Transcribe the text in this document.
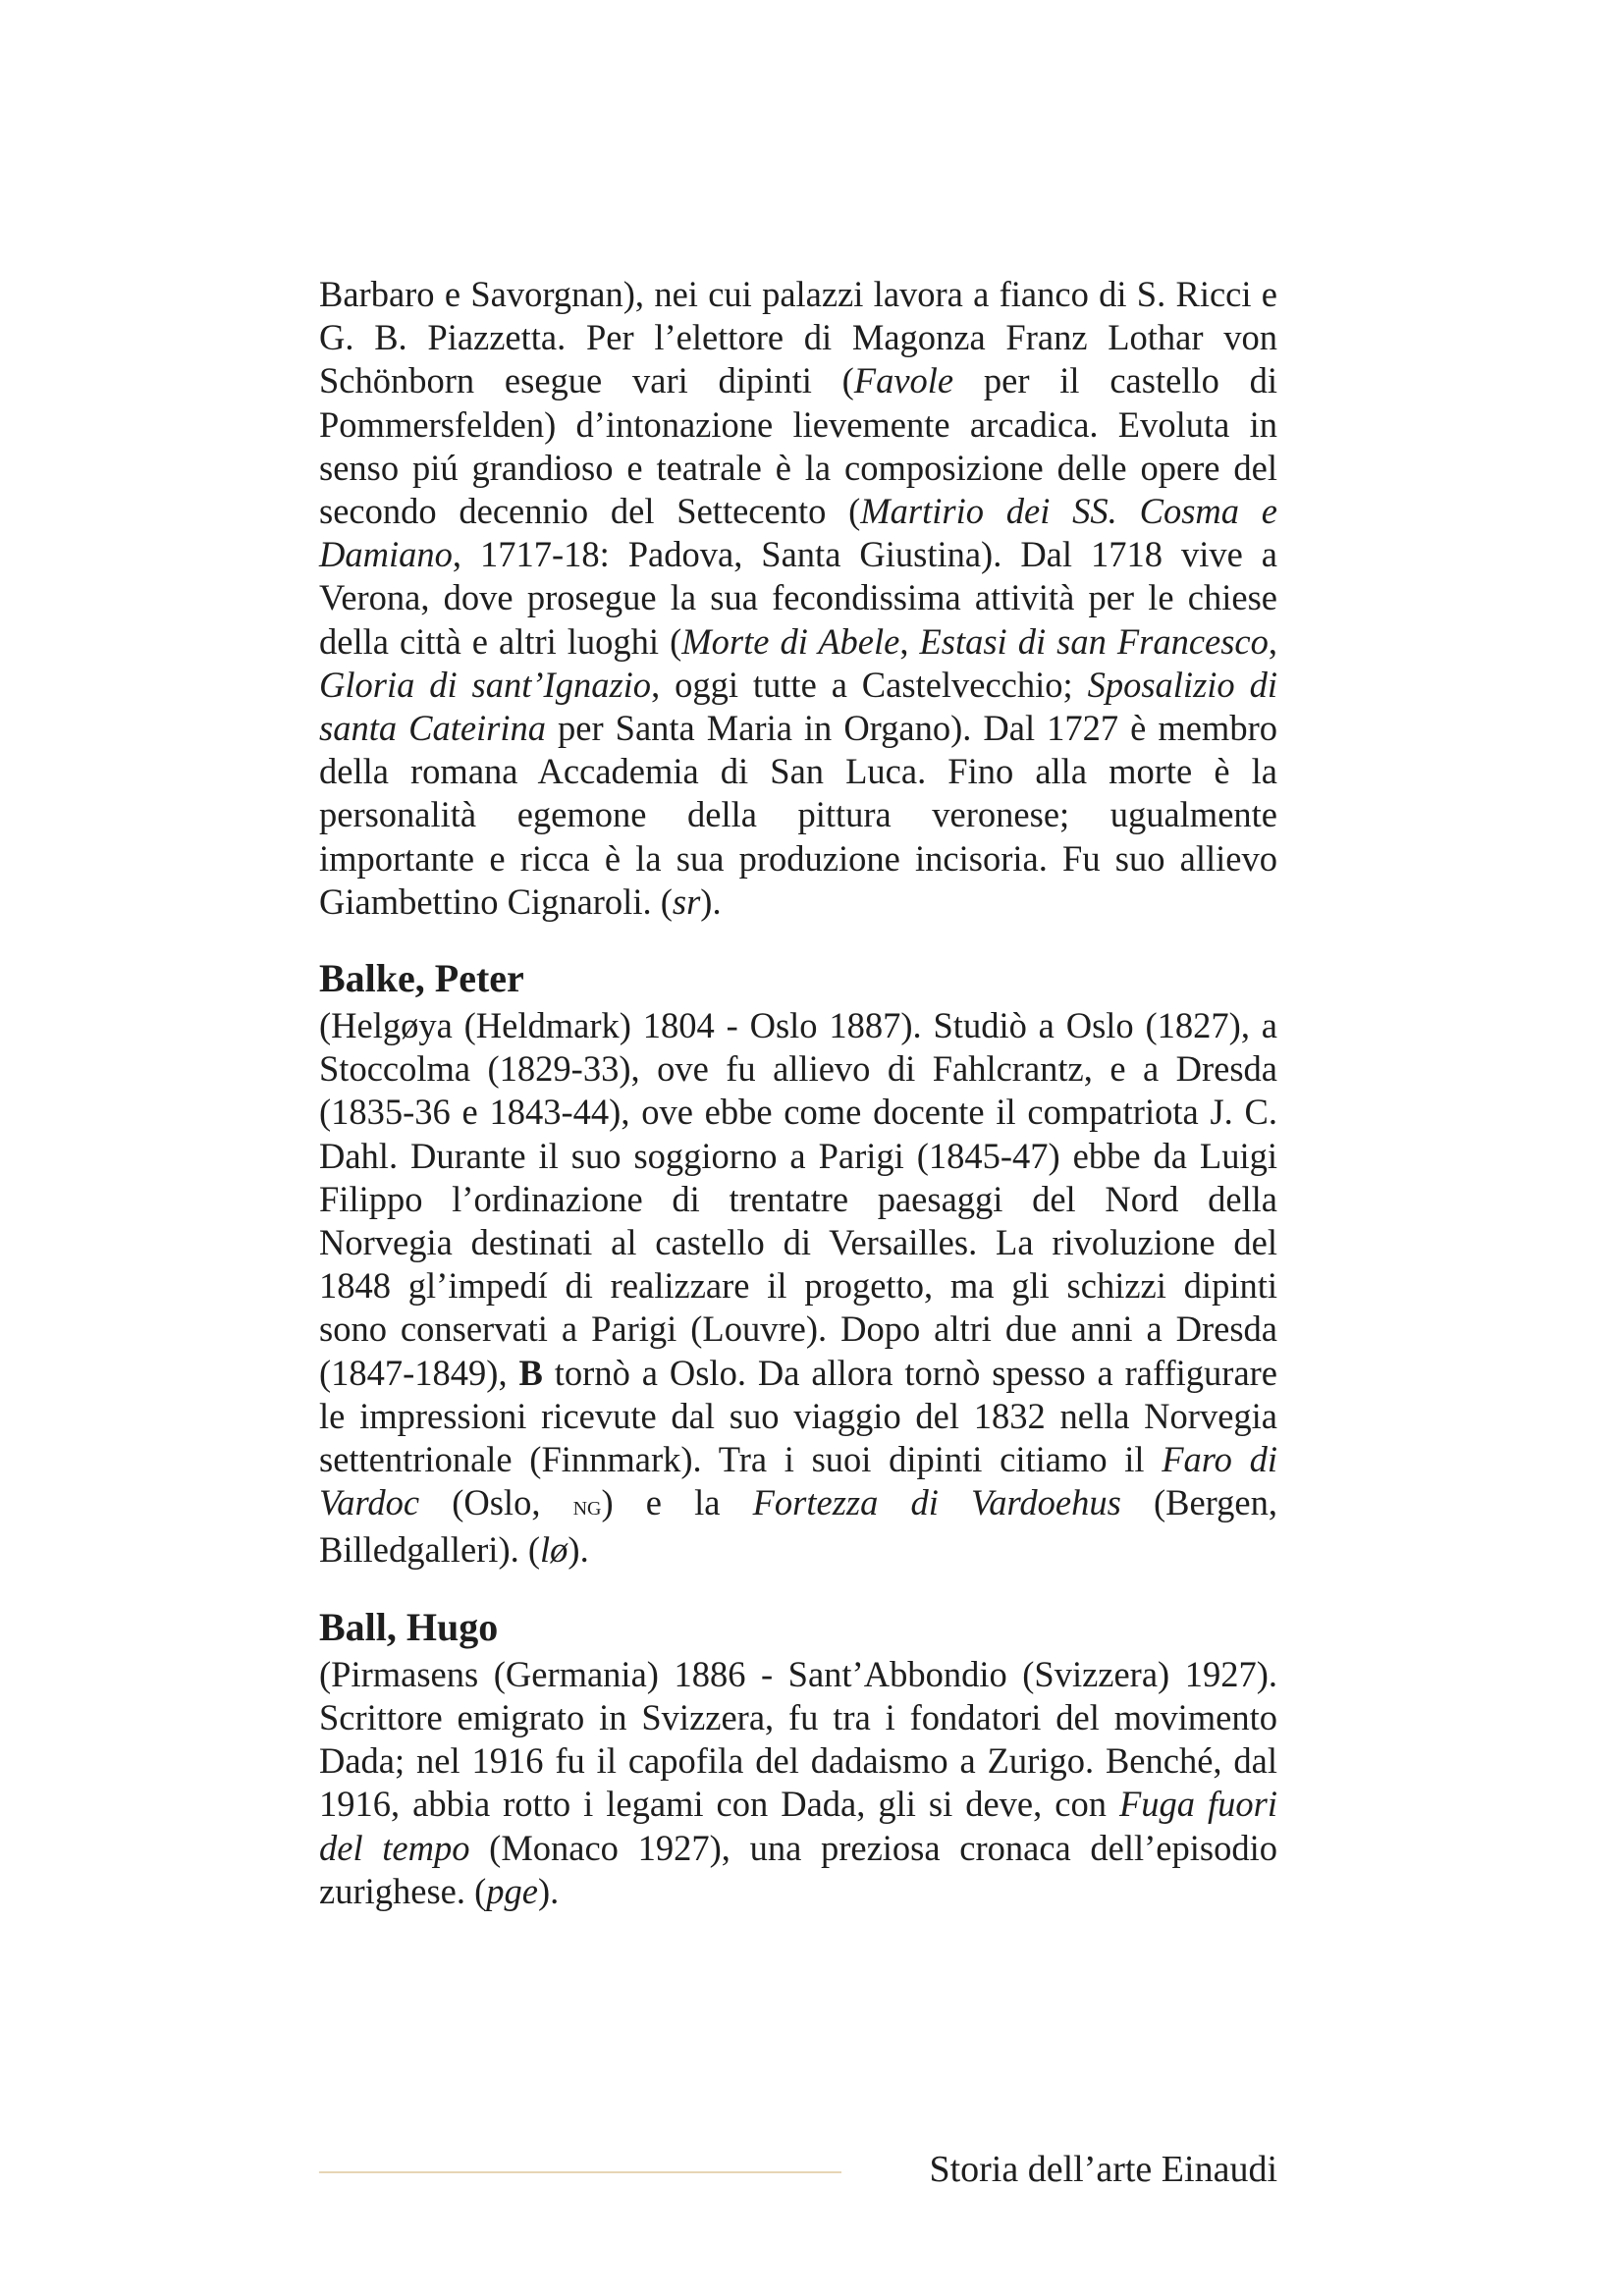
Barbaro e Savorgnan), nei cui palazzi lavora a fianco di S. Ricci e G. B. Piazzetta. Per l’elettore di Magonza Franz Lothar von Schönborn esegue vari dipinti (Favole per il castello di Pommersfelden) d’intonazione lievemente arcadica. Evoluta in senso piú grandioso e teatrale è la composizione delle opere del secondo decennio del Settecento (Martirio dei SS. Cosma e Damiano, 1717-18: Padova, Santa Giustina). Dal 1718 vive a Verona, dove prosegue la sua fecondissima attività per le chiese della città e altri luoghi (Morte di Abele, Estasi di san Francesco, Gloria di sant’Ignazio, oggi tutte a Castelvecchio; Sposalizio di santa Cateirina per Santa Maria in Organo). Dal 1727 è membro della romana Accademia di San Luca. Fino alla morte è la personalità egemone della pittura veronese; ugualmente importante e ricca è la sua produzione incisoria. Fu suo allievo Giambettino Cignaroli. (sr).

Balke, Peter

(Helgøya (Heldmark) 1804 - Oslo 1887). Studiò a Oslo (1827), a Stoccolma (1829-33), ove fu allievo di Fahlcrantz, e a Dresda (1835-36 e 1843-44), ove ebbe come docente il compatriota J. C. Dahl. Durante il suo soggiorno a Parigi (1845-47) ebbe da Luigi Filippo l’ordinazione di trentatre paesaggi del Nord della Norvegia destinati al castello di Versailles. La rivoluzione del 1848 gl’impedí di realizzare il progetto, ma gli schizzi dipinti sono conservati a Parigi (Louvre). Dopo altri due anni a Dresda (1847-1849), B tornò a Oslo. Da allora tornò spesso a raffigurare le impressioni ricevute dal suo viaggio del 1832 nella Norvegia settentrionale (Finnmark). Tra i suoi dipinti citiamo il Faro di Vardoc (Oslo, ng) e la Fortezza di Vardoehus (Bergen, Billedgalleri). (lø).

Ball, Hugo

(Pirmasens (Germania) 1886 - Sant’Abbondio (Svizzera) 1927). Scrittore emigrato in Svizzera, fu tra i fondatori del movimento Dada; nel 1916 fu il capofila del dadaismo a Zurigo. Benché, dal 1916, abbia rotto i legami con Dada, gli si deve, con Fuga fuori del tempo (Monaco 1927), una preziosa cronaca dell’episodio zurighese. (pge).

Storia dell’arte Einaudi
